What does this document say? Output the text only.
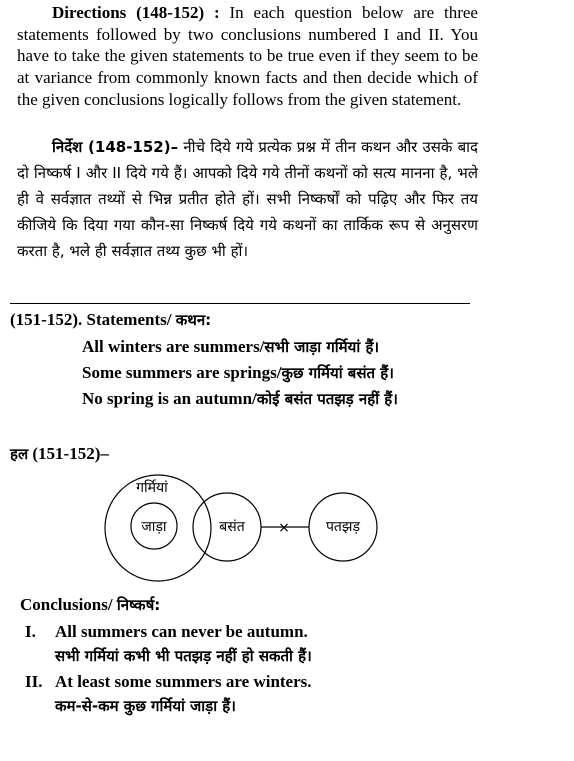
Directions (148-152) : In each question below are three statements followed by two conclusions numbered I and II. You have to take the given statements to be true even if they seem to be at variance from commonly known facts and then decide which of the given conclusions logically follows from the given statement.

निर्देश (148-152)– नीचे दिये गये प्रत्येक प्रश्न में तीन कथन और उसके बाद दो निष्कर्ष I और II दिये गये हैं। आपको दिये गये तीनों कथनों को सत्य मानना है, भले ही वे सर्वज्ञात तथ्यों से भिन्न प्रतीत होते हों। सभी निष्कर्षों को पढ़िए और फिर तय कीजिये कि दिया गया कौन-सा निष्कर्ष दिये गये कथनों का तार्किक रूप से अनुसरण करता है, भले ही सर्वज्ञात तथ्य कुछ भी हों।

(151-152). Statements/ कथन:
All winters are summers/सभी जाड़ा गर्मियां हैं।
Some summers are springs/कुछ गर्मियां बसंत हैं।
No spring is an autumn/कोई बसंत पतझड़ नहीं हैं।
हल (151-152)–
×
गर्मियां
जाड़ा	बसंत	पतझड़
Conclusions/ निष्कर्ष:
I. All summers can never be autumn.
सभी गर्मियां कभी भी पतझड़ नहीं हो सकती हैं।
II. At least some summers are winters.
कम-से-कम कुछ गर्मियां जाड़ा हैं।
